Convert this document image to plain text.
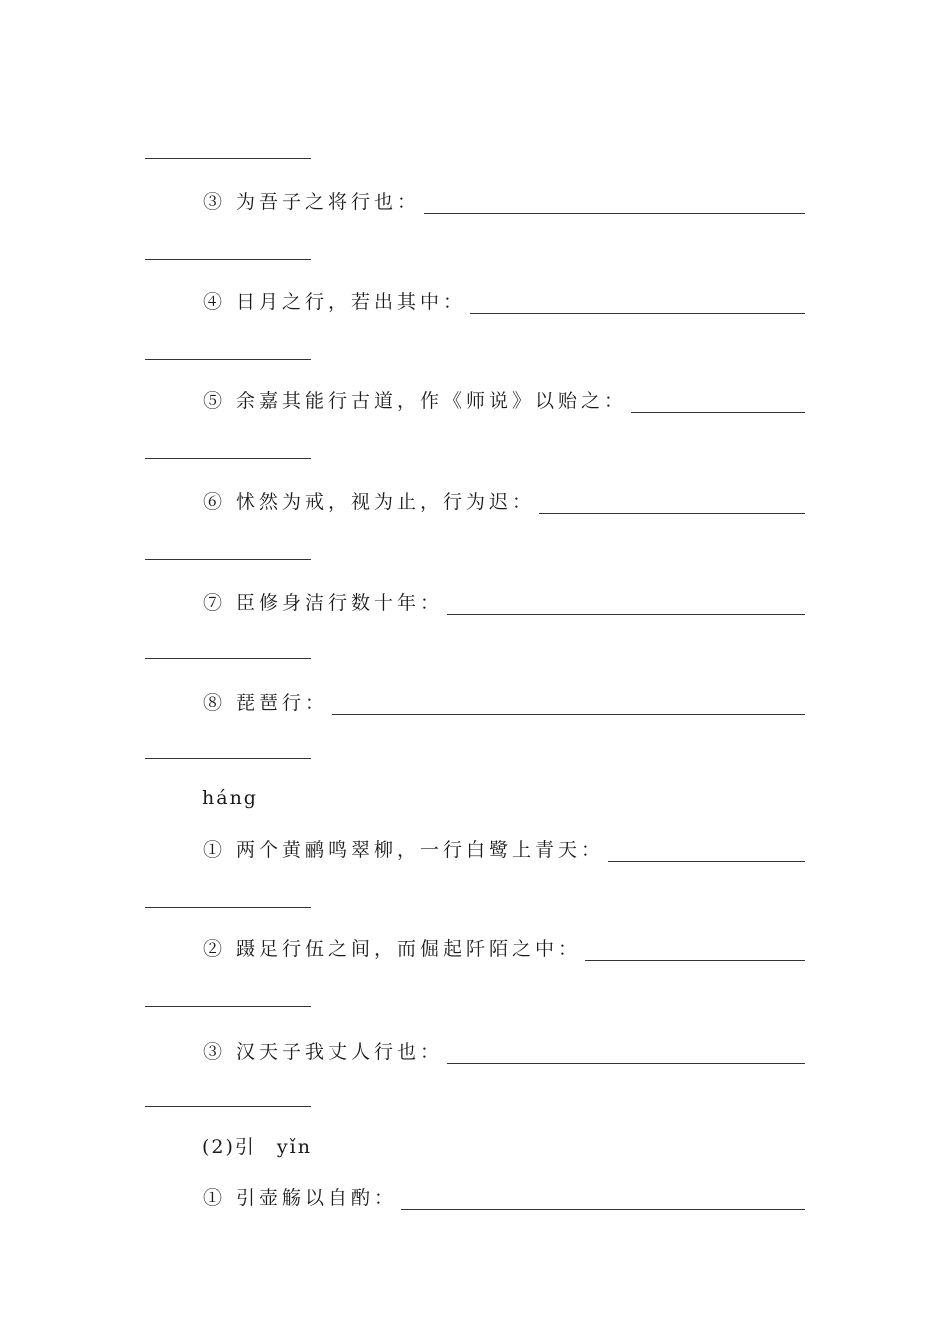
③ 为吾子之将行也：
④ 日月之行，若出其中：
⑤ 余嘉其能行古道，作《师说》以贻之：
⑥ 怵然为戒，视为止，行为迟：
⑦ 臣修身洁行数十年：
⑧ 琵琶行：
háng
① 两个黄鹂鸣翠柳，一行白鹭上青天：
② 蹑足行伍之间，而倔起阡陌之中：
③ 汉天子我丈人行也：
(2)引　yǐn
① 引壶觞以自酌：
